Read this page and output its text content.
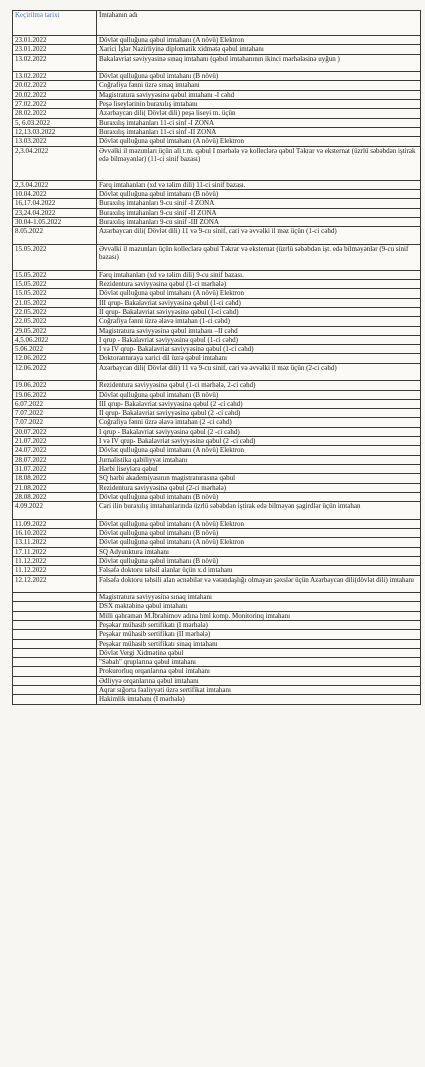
Keçirilmə tarixi	İmtahanın adı
23.01.2022	Dövlət qulluğuna qəbul imtahanı (A növü) Elektron
23.01.2022	Xarici İşlər Nazirliyinə diplomatik xidmətə qəbul imtahanı
13.02.2022	Bakalavriat səviyyəsinə sınaq imtahanı (qəbul imtahanının ikinci mərhələsinə uyğun )
13.02.2022	Dövlət qulluğuna qəbul imtahanı (B növü)
20.02.2022	Coğrafiya fənni üzrə sınaq imtahanı
20.02.2022	Magistratura səviyyəsinə qəbul imtahanı -I cəhd
27.02.2022	Peşə liseylərinin buraxılış imtahanı
28.02.2022	Azərbaycan dili( Dövlət dili) peşə liseyi m. üçün
5, 6.03.2022	Buraxılış imtahanları 11-ci sinf -I ZONA
12,13.03.2022	Buraxılış imtahanları 11-ci sinf -II ZONA
13.03.2022	Dövlət qulluğuna qəbul imtahanı (A növü) Elektron
2,3.04.2022	Əvvəlki il məzunları üçün ali t.m. qəbul I mərhələ və kolleclərə qəbul Təkrar və eksternat (üzrlü səbəbdən iştirak edə bilməyənlər) (11-ci sinif bazası)
2,3.04.2022	Fərq imtahanları (xd və təlim dili) 11-ci sinif bazası.
10.04.2022	Dövlət qulluğuna qəbul imtahanı (B növü)
16,17.04.2022	Buraxılış imtahanları 9-cu sinif -I ZONA
23,24.04.2022	Buraxılış imtahanları 9-cu sinif -II ZONA
30.04-1.05.2022	Buraxılış imtahanları 9-cu sinif -III ZONA
8.05.2022	Azərbaycan dili( Dövlət dili) 11 və 9-cu sinif, cari və əvvəlki il məz üçün (1-ci cəhd)
15.05.2022	Əvvəlki il məzunları üçün kolleclərə qəbul Təkrar və eksternat (üzrlü səbəbdən işt. edə bilməyənlər (9-cu sinif bazası)
15.05.2022	Fərq imtahanları (xd və təlim dili) 9-cu sinif bazası.
15.05.2022	Rezidentura səviyyəsinə qəbul (1-ci mərhələ)
15.05.2022	Dövlət qulluğuna qəbul imtahanı (A növü) Elektron
21.05.2022	III qrup- Bakalavriat səviyyəsinə qəbul (1-ci cəhd)
22.05.2022	II qrup- Bakalavriat səviyyəsinə qəbul (1-ci cəhd)
22.05.2022	Coğrafiya fənni üzrə əlavə imtahan (1-ci cəhd)
29.05.2022	Magistratura səviyyəsinə qəbul imtahanı –II cəhd
4,5.06.2022	I qrup - Bakalavriat səviyyəsinə qəbul (1-ci cəhd)
5.06.2022	I və IV qrup- Bakalavriat səviyyəsinə qəbul (1-ci cəhd)
12.06.2022	Doktoranturaya xarici dil üzrə qəbul imtahanı
12.06.2022	Azərbaycan dili( Dövlət dili) 11 və 9-cu sinif, cari və əvvəlki il məz üçün (2-ci cəhd)
19.06.2022	Rezidentura səviyyəsinə qəbul (1-ci mərhələ, 2-ci cəhd)
19.06.2022	Dövlət qulluğuna qəbul imtahanı (B növü)
6.07.2022	III qrup- Bakalavriat səviyyəsinə qəbul (2 -ci cəhd)
7.07.2022	II qrup- Bakalavriat səviyyəsinə qəbul (2 -ci cəhd)
7.07.2022	Coğrafiya fənni üzrə əlavə imtahan (2 -ci cəhd)
20.07.2022	I qrup - Bakalavriat səviyyəsinə qəbul (2 -ci cəhd)
21.07.2022	I və IV qrup- Bakalavriat səviyyəsinə qəbul (2 -ci cəhd)
24.07.2022	Dövlət qulluğuna qəbul imtahanı (A növü) Elektron
28.07.2022	Jurnalistika qabiliyyət imtahanı
31.07.2022	Hərbi liseylərə qəbul
18.08.2022	SQ hərbi akademiyasının magistraturasına qəbul
21.08.2022	Rezidentura səviyyəsinə qəbul (2-ci mərhələ)
28.08.2022	Dövlət qulluğuna qəbul imtahanı (B növü)
4.09.2022	Cari ilin buraxılış imtahanlarında üzrlü səbəbdən iştirak edə bilməyən şagirdlər üçün imtahan
11.09.2022	Dövlət qulluğuna qəbul imtahanı (A növü) Elektron
16.10.2022	Dövlət qulluğuna qəbul imtahanı (B növü)
13.11.2022	Dövlət qulluğuna qəbul imtahanı (A növü) Elektron
17.11.2022	SQ Adyunktura imtahanı
11.12.2022	Dövlət qulluğuna qəbul imtahanı (B növü)
11.12.2022	Fəlsəfə doktoru təhsil alanlar üçün x.d imtahanı
12.12.2022	Fəlsəfə doktoru təhsili alan əcnəbilər və vətəndaşlığı olmayan şəxslər üçün Azərbaycan dili(dövlət dili) imtahanı
	Magistratura səviyyəsinə sınaq imtahanı
	DSX məktəbinə qəbul imtahanı
	Milli qəhrəman M.İbrahimov adına hml komp. Monitorinq imtahanı
	Peşəkar mühasib sertifikatı (I mərhələ)
	Peşəkar mühasib sertifikatı (II mərhələ)
	Peşəkar mühasib sertifikatı sınaq imtahanı
	Dövlət Vergi Xidmətinə qəbul
	"Səbah" qruplarına qəbul imtahanı
	Prokurorluq orqanlarına qəbul imtahanı
	Ədliyyə orqanlarına qəbul imtahanı
	Aqrar sığorta fəaliyyəti üzrə sertifikat imtahanı
	Hakimlik imtahanı (I mərhələ)
